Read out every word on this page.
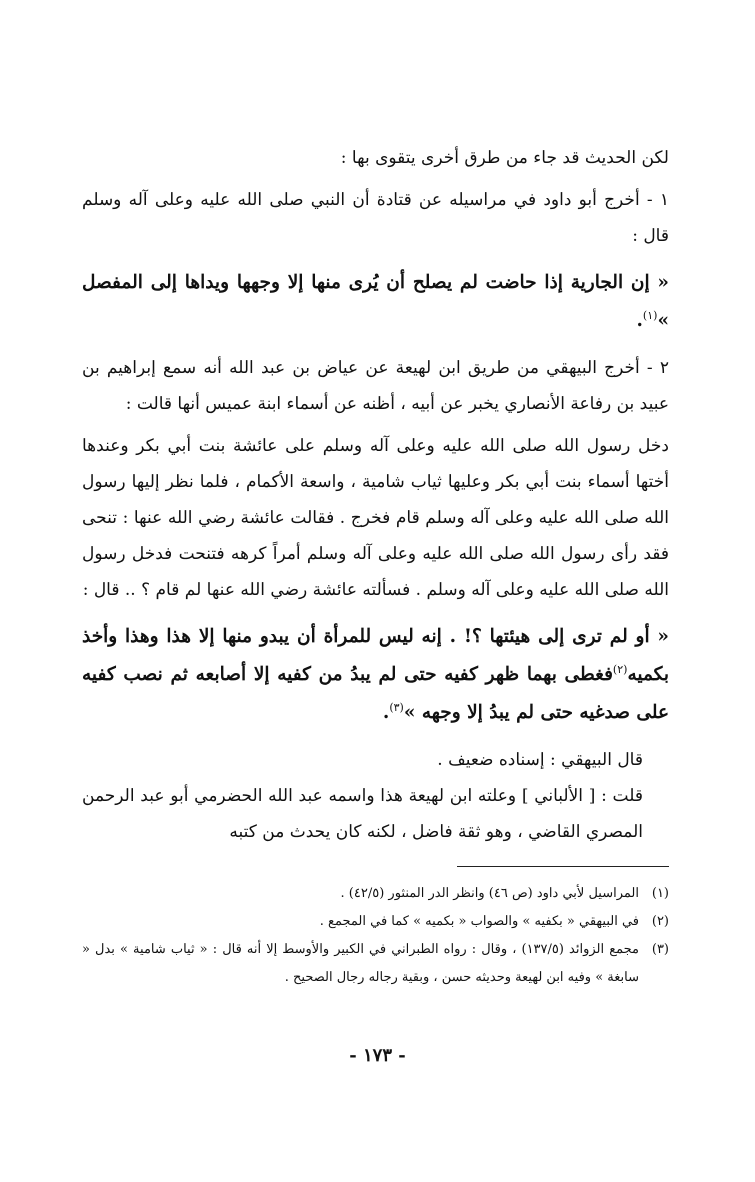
لكن الحديث قد جاء من طرق أخرى يتقوى بها :

١ - أخرج أبو داود في مراسيله عن قتادة أن النبي صلى الله عليه وعلى آله وسلم قال :

« إن الجارية إذا حاضت لم يصلح أن يُرى منها إلا وجهها ويداها إلى المفصل »$^{(١)}$.

٢ - أخرج البيهقي من طريق ابن لهيعة عن عياض بن عبد الله أنه سمع إبراهيم بن عبيد بن رفاعة الأنصاري يخبر عن أبيه ، أظنه عن أسماء ابنة عميس أنها قالت :

دخل رسول الله صلى الله عليه وعلى آله وسلم على عائشة بنت أبي بكر وعندها أختها أسماء بنت أبي بكر وعليها ثياب شامية ، واسعة الأكمام ، فلما نظر إليها رسول الله صلى الله عليه وعلى آله وسلم قام فخرج . فقالت عائشة رضي الله عنها : تنحى فقد رأى رسول الله صلى الله عليه وعلى آله وسلم أمراً كرهه فتنحت فدخل رسول الله صلى الله عليه وعلى آله وسلم . فسألته عائشة رضي الله عنها لم قام ؟ .. قال :

« أو لم ترى إلى هيئتها ؟! . إنه ليس للمرأة أن يبدو منها إلا هذا وهذا وأخذ بكميه$^{(٢)}$فغطى بهما ظهر كفيه حتى لم يبدُ من كفيه إلا أصابعه ثم نصب كفيه على صدغيه حتى لم يبدُ إلا وجهه »$^{(٣)}$.

قال البيهقي : إسناده ضعيف .

قلت : [ الألباني ] وعلته ابن لهيعة هذا واسمه عبد الله الحضرمي أبو عبد الرحمن المصري القاضي ، وهو ثقة فاضل ، لكنه كان يحدث من كتبه

(١)
المراسيل لأبي داود (ص ٤٦) وانظر الدر المنثور (٤٢/٥) .
(٢)
في البيهقي « بكفيه » والصواب « بكميه » كما في المجمع .
(٣)
مجمع الزوائد (١٣٧/٥) ، وقال : رواه الطبراني في الكبير والأوسط إلا أنه قال : « ثياب شامية » بدل « سابغة » وفيه ابن لهيعة وحديثه حسن ، وبقية رجاله رجال الصحيح .
- ١٧٣ -
